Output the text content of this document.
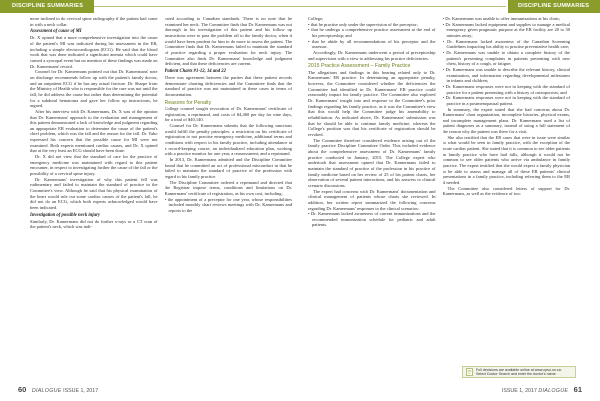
DISCIPLINE SUMMARIES

more inclined to do cervical spine radiography if the patient had come in with a neck collar.

Assessment of cause of MI

Dr. X opined that a more comprehensive investigation into the cause of the patient's MI was indicated during his assessment in the ER, including a simple electrocardiogram (ECG). He said that the blood work that was done indicated a significant anemia which could have caused a syncopal event but no mention of these findings was made on Dr. Kamermans' record.

Counsel for Dr. Kamermans pointed out that Dr. Kamermans' note on discharge recommends follow up with the patient's family doctor, and an outpatient ECG if he has any actual fracture. Dr. Sharpe from the Ministry of Health who is responsible for the care was not until the fall, he did address the cause but rather than determining the potential for a subdural hematoma and gave her follow up instructions, he argued.

After his interview with Dr. Kamermans, Dr. X was of the opinion that Dr. Kamermans' approach to the evaluation and management of this patient demonstrated a lack of knowledge and judgment regarding an appropriate ER evaluation to determine the cause of the patient's chief problem, which was the fall and the reason for the fall. Dr. Yaho expressed his concern that the possible cause for MI were not examined. Both experts mentioned cardiac causes, and Dr. X opined that at the very least an ECG should have been done.

Dr. X did not view that the standard of care for the practice of emergency medicine was maintained with regard to this patient encounter, in respect to investigating further the cause of the fall or the possibility of a cervical spine injury.

Dr. Kamermans' investigation of why this patient fell was rudimentary and failed to maintain the standard of practice in the Committee's view. Although he said that his physical examination of the heart would rule out some cardiac causes of the patient's fall, he did not do an ECG, which both experts acknowledged would have been indicated.

Investigation of possible neck injury

Similarly, Dr. Kamermans did not do further x-rays or a CT scan of the patient's neck, which was indi-

cated according to Canadian standards. There is no note that he examined her neck. The Committee finds that Dr. Kamermans was not thorough in his investigation of this patient and his follow up instructions were to pass the problem off to the family doctor, when it would have been prudent for him to do more to assess the patient. The Committee finds that Dr. Kamermans failed to maintain the standard of practice regarding a proper evaluation for neck injury. The Committee also finds Dr. Kamermans' knowledge and judgment deficient, and that these deficiencies are current.

Patient Charts #1-12, 14 and 22

There was agreement between the parties that these patient records demonstrate charting deficiencies and the Committee finds that the standard of practice was not maintained in these cases in terms of documentation.

Reasons for Penalty

College counsel sought revocation of Dr. Kamermans' certificate of registration, a reprimand, and costs of $4,460 per day for nine days, for a total of $40,140.

Counsel for Dr. Kamermans submits that the following sanctions would fulfill the penalty principles: a restriction on his certificate of registration to not practise emergency medicine, additional terms and conditions with respect to his family practice, including attendance at a record-keeping course, an individualized education plan, working with a practice monitor for one year, a reassessment; and a reprimand.

In 2013, Dr. Kamermans admitted and the Discipline Committee found that he committed an act of professional misconduct in that he failed to maintain the standard of practice of the profession with regard to his family practice.

The Discipline Committee ordered a reprimand and directed that the Registrar impose terms, conditions and limitations on Dr. Kamermans' certificate of registration, as his own cost, including:

• the appointment of a preceptor for one year, whose responsibilities included monthly chart reviews meetings with Dr. Kamermans and reports to the

60 DIALOGUE ISSUE 1, 2017
DISCIPLINE SUMMARIES

College;

• that he practise only under the supervision of the preceptor;

• that he undergo a comprehensive practice assessment at the end of his preceptorship; and

• that he abide by all recommendations of his preceptor and the assessor.

Accordingly, Dr. Kamermans underwent a period of preceptorship and supervision with a view to addressing his practice deficiencies.

2015 Practice Assessment – Family Practice

The allegations and findings in this hearing related only to Dr. Kamermans' ER practice. In determining an appropriate penalty, however, the Committee considered whether the deficiencies the Committee had identified in Dr. Kamermans' ER practice could reasonably impact his family practice. The Committee also explored Dr. Kamermans' insight into and response to the Committee's prior findings regarding his family practice, as it was the Committee's view that this would help the Committee judge his amenability to rehabilitation. As indicated above, Dr. Kamermans' submission was that he should be able to continue family medicine, whereas the College's position was that his certificate of registration should be revoked.

The Committee therefore considered evidence arising out of the family practice Discipline Committee Order. This included evidence about the comprehensive assessment of Dr. Kamermans' family practice conducted in January, 2015. The College expert who undertook that assessment opined that Dr. Kamermans failed to maintain the standard of practice of the profession in his practice of family medicine based on her review of 25 of his patient charts, her observation of several patient interactions, and his answers to clinical scenario discussions.

The expert had concerns with Dr. Kamermans' documentation and clinical management of patients whose charts she reviewed. In addition, her written report summarized the following concerns regarding Dr. Kamermans' responses to the clinical scenarios:

• Dr. Kamermans lacked awareness of current immunizations and the recommended immunization schedule for pediatric and adult patients.

• Dr. Kamermans was unable to offer immunizations at his clinic;

• Dr. Kamermans lacked equipment and supplies to manage a medical emergency given pragmatic purpose at the ER facility are 20 to 30 minutes away;

• Dr. Kamermans lacked awareness of the Canadian Screening Guidelines impacting his ability to practise preventative health care;

• Dr. Kamermans was unable to obtain a complete history of the patient's presenting complaints in patients presenting with new chest, history of a cough, or fatigue;

• Dr. Kamermans was unable to describe the relevant history, clinical examination, and information regarding developmental milestones in infants and children;

• Dr. Kamermans responses were not in keeping with the standard of practice for a patient presenting with a history of osteoporosis; and

• Dr. Kamermans responses were not in keeping with the standard of practice in a postmenopausal patient.

In summary, the expert stated that she had concerns about Dr. Kamermans' chart organization, incomplete histories, physical exams, and incomplete management plans. Dr. Kamermans used a list of patient diagnoses as a summary, instead of using a full statement of the reason why the patient was there for a visit.

She also testified that the ER cases that were in issue were similar to what would be seen in family practice, with the exception of the acute cardiac patient. She stated that it is common to see older patients in family practice who have had falls, although it would not be common to see older patients who arrive via ambulance in family practice. The expert testified that she would expect a family physician to be able to assess and manage all of these ER patients' clinical presentations in a family practice, including referring them to the ER if needed.

The Committee also considered letters of support for Dr. Kamermans, as well as the evidence of two

Full decisions are available online at www.cpso.on.ca. Select Doctor Search and enter the doctor's name.
ISSUE 1, 2017 DIALOGUE 61
